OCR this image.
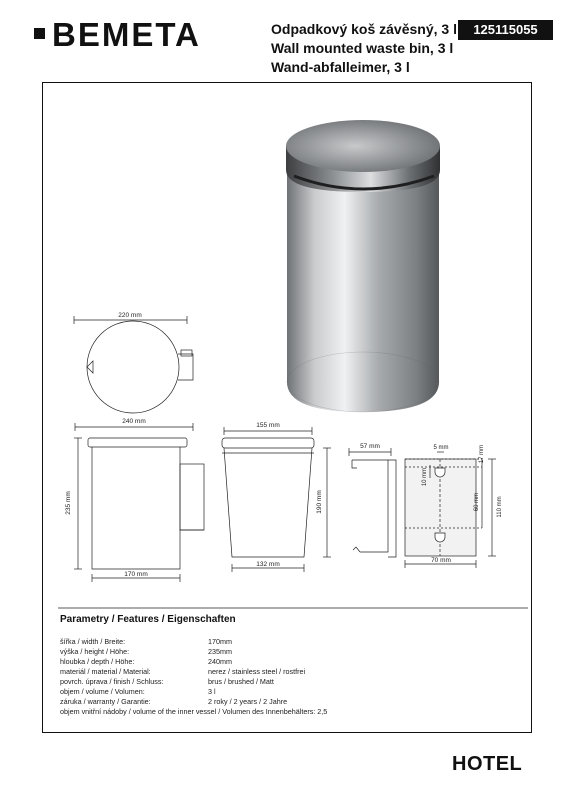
BEMETA	Odpadkový koš závěsný, 3 l
Wall mounted waste bin, 3 l
Wand-abfalleimer, 3 l
125115055
220 mm
240 mm
235 mm
170 mm
155 mm
190 mm
132 mm
57 mm	5 mm	17 mm
10 mm
60 mm	110 mm
70 mm
Parametry / Features / Eigenschaften
šířka / width / Breite:	170mm
výška / height / Höhe:	235mm
hloubka / depth / Höhe:	240mm
materiál / material / Material:	nerez / stainless steel / rostfrei
povrch. úprava / finish / Schluss:	brus / brushed / Matt
objem / volume / Volumen:	3 l
záruka / warranty / Garantie:	2 roky / 2 years / 2 Jahre
objem vnitřní nádoby / volume of the inner vessel / Volumen des Innenbehälters: 2,5
HOTEL
